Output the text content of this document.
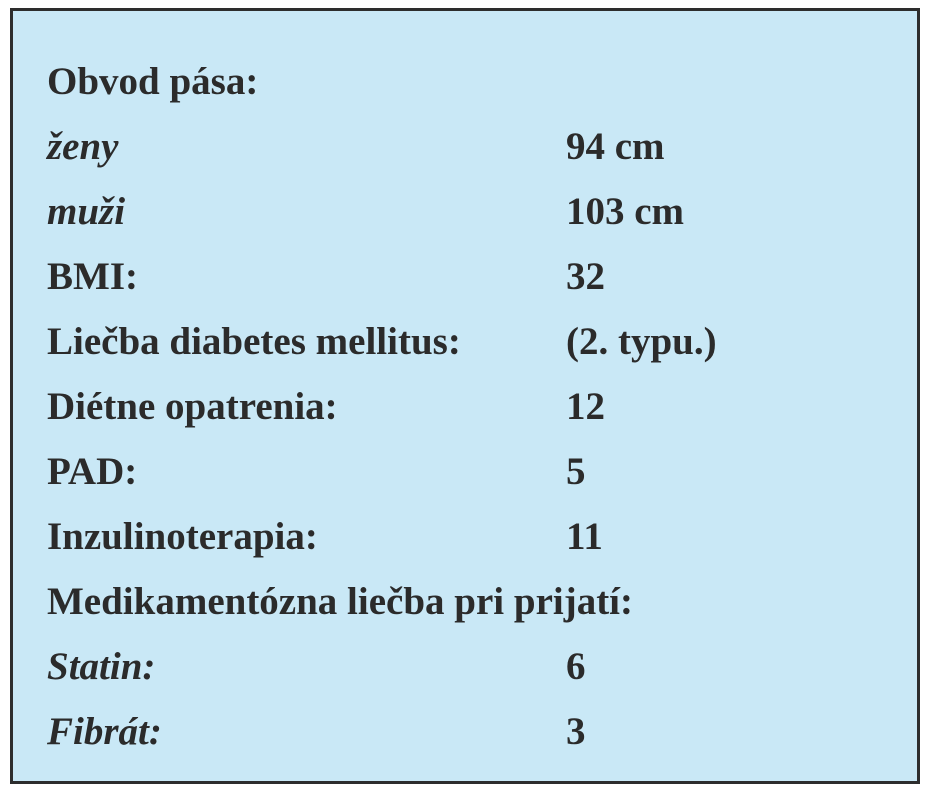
Obvod pása:
ženy	94 cm
muži	103 cm
BMI:	32
Liečba diabetes mellitus:	(2. typu.)
Diétne opatrenia:	12
PAD:	5
Inzulinoterapia:	11
Medikamentózna liečba pri prijatí:
Statin:	6
Fibrát:	3
